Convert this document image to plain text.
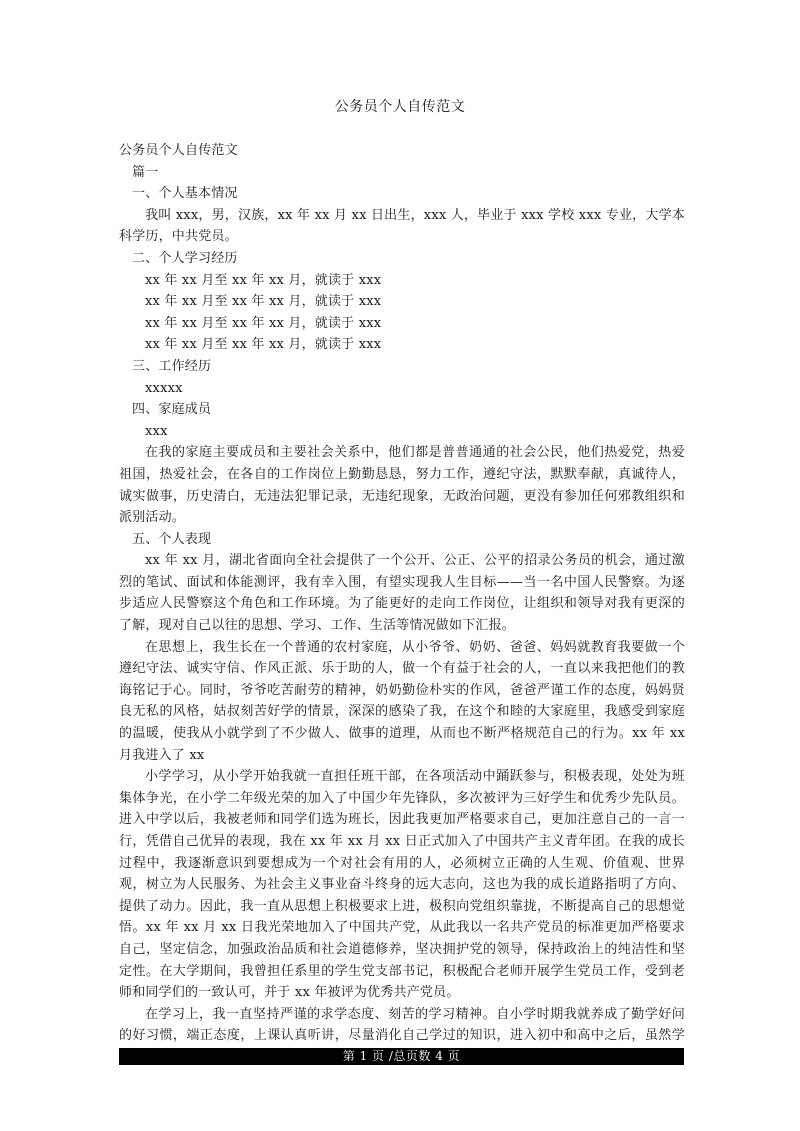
公务员个人自传范文

公务员个人自传范文

篇一

一、个人基本情况

我叫 xxx，男，汉族，xx 年 xx 月 xx 日出生，xxx 人，毕业于 xxx 学校 xxx 专业，大学本科学历，中共党员。

二、个人学习经历

xx 年 xx 月至 xx 年 xx 月，就读于 xxx

xx 年 xx 月至 xx 年 xx 月，就读于 xxx

xx 年 xx 月至 xx 年 xx 月，就读于 xxx

xx 年 xx 月至 xx 年 xx 月，就读于 xxx

三、工作经历

xxxxx

四、家庭成员

xxx

在我的家庭主要成员和主要社会关系中，他们都是普普通通的社会公民，他们热爱党，热爱祖国，热爱社会，在各自的工作岗位上勤勤恳恳，努力工作，遵纪守法，默默奉献，真诚待人，诚实做事，历史清白，无违法犯罪记录，无违纪现象，无政治问题，更没有参加任何邪教组织和派别活动。

五、个人表现

xx 年 xx 月，湖北省面向全社会提供了一个公开、公正、公平的招录公务员的机会，通过激烈的笔试、面试和体能测评，我有幸入围，有望实现我人生目标——当一名中国人民警察。为逐步适应人民警察这个角色和工作环境。为了能更好的走向工作岗位，让组织和领导对我有更深的了解，现对自己以往的思想、学习、工作、生活等情况做如下汇报。

在思想上，我生长在一个普通的农村家庭，从小爷爷、奶奶、爸爸、妈妈就教育我要做一个遵纪守法、诚实守信、作风正派、乐于助的人，做一个有益于社会的人，一直以来我把他们的教诲铭记于心。同时，爷爷吃苦耐劳的精神，奶奶勤俭朴实的作风，爸爸严谨工作的态度，妈妈贤良无私的风格，姑叔刻苦好学的情景，深深的感染了我，在这个和睦的大家庭里，我感受到家庭的温暖，使我从小就学到了不少做人、做事的道理，从而也不断严格规范自己的行为。xx 年 xx 月我进入了 xx

小学学习，从小学开始我就一直担任班干部，在各项活动中踊跃参与，积极表现，处处为班集体争光，在小学二年级光荣的加入了中国少年先锋队，多次被评为三好学生和优秀少先队员。进入中学以后，我被老师和同学们选为班长，因此我更加严格要求自己，更加注意自己的一言一行，凭借自己优异的表现，我在 xx 年 xx 月 xx 日正式加入了中国共产主义青年团。在我的成长过程中，我逐渐意识到要想成为一个对社会有用的人，必须树立正确的人生观、价值观、世界观，树立为人民服务、为社会主义事业奋斗终身的远大志向，这也为我的成长道路指明了方向、提供了动力。因此，我一直从思想上积极要求上进，极积向党组织靠拢，不断提高自己的思想觉悟。xx 年 xx 月 xx 日我光荣地加入了中国共产党，从此我以一名共产党员的标准更加严格要求自己，坚定信念，加强政治品质和社会道德修养，坚决拥护党的领导，保持政治上的纯洁性和坚定性。在大学期间，我曾担任系里的学生党支部书记，积极配合老师开展学生党员工作，受到老师和同学们的一致认可，并于 xx 年被评为优秀共产党员。

在学习上，我一直坚持严谨的求学态度、刻苦的学习精神。自小学时期我就养成了勤学好问的好习惯，端正态度，上课认真听讲，尽量消化自己学过的知识，进入初中和高中之后，虽然学

第 1 页 /总页数 4 页
